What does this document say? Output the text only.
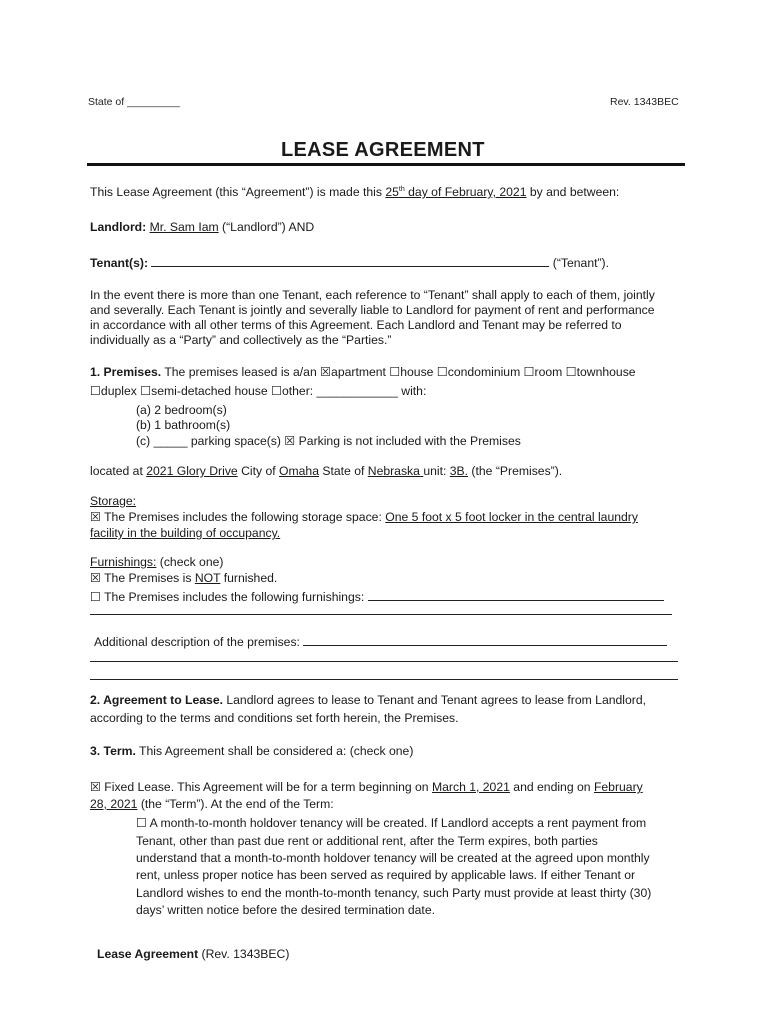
State of _________	Rev. 1343BEC
LEASE AGREEMENT
This Lease Agreement (this “Agreement”) is made this 25th day of February, 2021 by and between:
Landlord: Mr. Sam Iam (“Landlord”) AND
Tenant(s):	(“Tenant”).
In the event there is more than one Tenant, each reference to “Tenant” shall apply to each of them, jointly
and severally. Each Tenant is jointly and severally liable to Landlord for payment of rent and performance
in accordance with all other terms of this Agreement. Each Landlord and Tenant may be referred to
individually as a “Party” and collectively as the “Parties.”
1. Premises. The premises leased is a/an ☒apartment ☐house ☐condominium ☐room ☐townhouse
☐duplex ☐semi-detached house ☐other: ____________ with:
(a) 2 bedroom(s)
(b) 1 bathroom(s)
(c) _____ parking space(s) ☒ Parking is not included with the Premises
located at 2021 Glory Drive City of Omaha State of Nebraska unit: 3B. (the “Premises”).
Storage:
☒ The Premises includes the following storage space: One 5 foot x 5 foot locker in the central laundry
facility in the building of occupancy.
Furnishings: (check one)
☒ The Premises is NOT furnished.
☐ The Premises includes the following furnishings:
Additional description of the premises:
2. Agreement to Lease. Landlord agrees to lease to Tenant and Tenant agrees to lease from Landlord,
according to the terms and conditions set forth herein, the Premises.
3. Term. This Agreement shall be considered a: (check one)
☒ Fixed Lease. This Agreement will be for a term beginning on March 1, 2021 and ending on February
28, 2021 (the “Term”). At the end of the Term:
☐ A month-to-month holdover tenancy will be created. If Landlord accepts a rent payment from
Tenant, other than past due rent or additional rent, after the Term expires, both parties
understand that a month-to-month holdover tenancy will be created at the agreed upon monthly
rent, unless proper notice has been served as required by applicable laws. If either Tenant or
Landlord wishes to end the month-to-month tenancy, such Party must provide at least thirty (30)
days’ written notice before the desired termination date.
Lease Agreement (Rev. 1343BEC)
